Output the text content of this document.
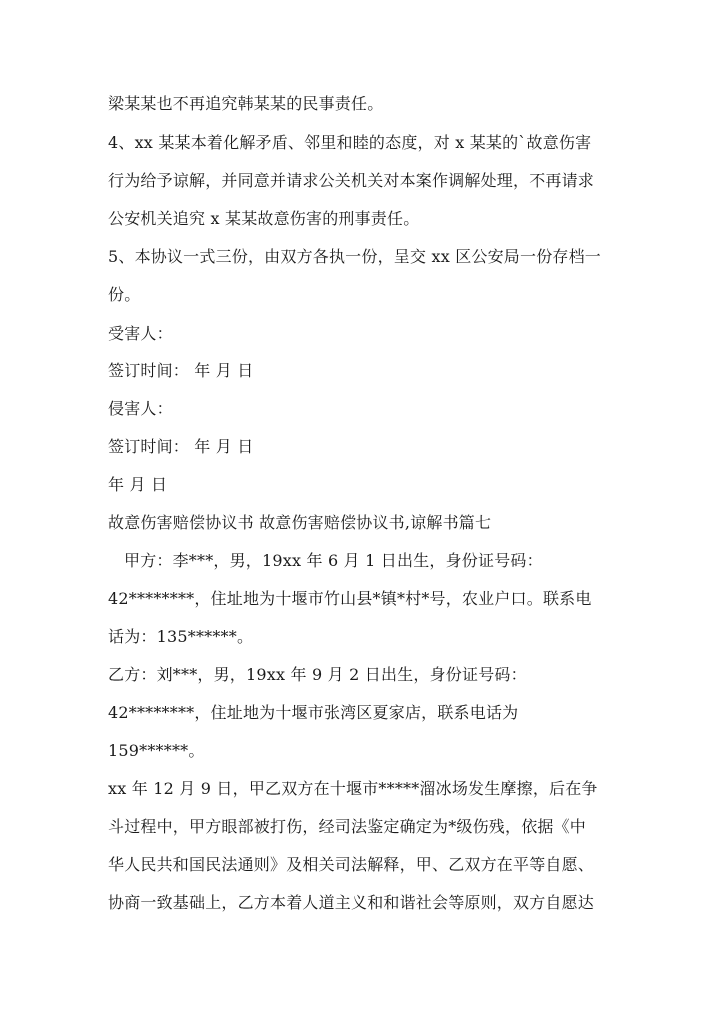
梁某某也不再追究韩某某的民事责任。
4、xx 某某本着化解矛盾、邻里和睦的态度，对 x 某某的`故意伤害
行为给予谅解，并同意并请求公关机关对本案作调解处理，不再请求
公安机关追究 x 某某故意伤害的刑事责任。
5、本协议一式三份，由双方各执一份，呈交 xx 区公安局一份存档一
份。
受害人：
签订时间： 年 月 日
侵害人：
签订时间： 年 月 日
年 月 日
故意伤害赔偿协议书 故意伤害赔偿协议书,谅解书篇七
甲方：李***，男，19xx 年 6 月 1 日出生，身份证号码：
42********，住址地为十堰市竹山县*镇*村*号，农业户口。联系电
话为：135******。
乙方：刘***，男，19xx 年 9 月 2 日出生，身份证号码：
42********，住址地为十堰市张湾区夏家店，联系电话为
159******。
xx 年 12 月 9 日，甲乙双方在十堰市*****溜冰场发生摩擦，后在争
斗过程中，甲方眼部被打伤，经司法鉴定确定为*级伤残，依据《中
华人民共和国民法通则》及相关司法解释，甲、乙双方在平等自愿、
协商一致基础上，乙方本着人道主义和和谐社会等原则，双方自愿达
